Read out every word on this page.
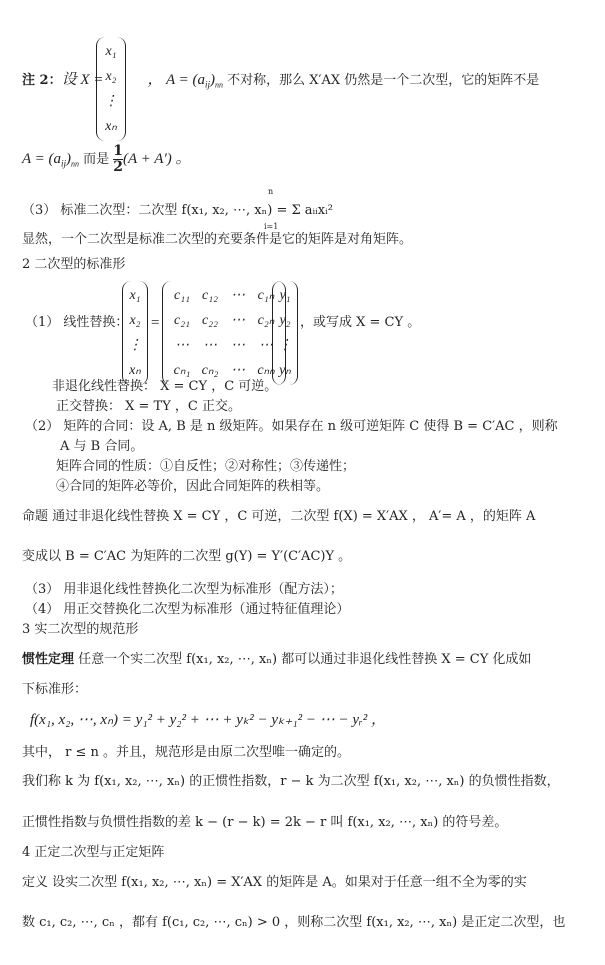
注 2：设 X =	， $A = (a_{ij})_{nn}$ 不对称，那么 X′AX 仍然是一个二次型，它的矩阵不是
x₁
x₂
⋮
xₙ
$A = (a_{ij})_{nn}$ 而是 $\frac{1}{2} (A + A')$ 。
（3） 标准二次型：二次型 f(x₁, x₂, ⋯, xₙ) = Σ aᵢᵢxᵢ²
n
i=1
显然，一个二次型是标准二次型的充要条件是它的矩阵是对角矩阵。
2 二次型的标准形
（1） 线性替换：
x₁
x₂
⋮
xₙ
=
c₁₁ c₁₂ ⋯ c₁ₙ
c₂₁ c₂₂ ⋯ c₂ₙ
⋯	⋯	⋯	⋯
cₙ₁ cₙ₂ ⋯ cₙₙ
y₁
y₂
⋮
yₙ
，或写成 X = CY 。
非退化线性替换： X = CY ，C 可逆。
正交替换： X = TY ，C 正交。
（2） 矩阵的合同：设 A, B 是 n 级矩阵。如果存在 n 级可逆矩阵 C 使得 B = C′AC ，则称
A 与 B 合同。
矩阵合同的性质：①自反性；②对称性；③传递性；
④合同的矩阵必等价，因此合同矩阵的秩相等。
命题 通过非退化线性替换 X = CY ，C 可逆，二次型 f(X) = X′AX ， A′= A ，的矩阵 A
变成以 B = C′AC 为矩阵的二次型 g(Y) = Y′(C′AC)Y 。
（3） 用非退化线性替换化二次型为标准形（配方法）；
（4） 用正交替换化二次型为标准形（通过特征值理论）
3 实二次型的规范形
惯性定理 任意一个实二次型 f(x₁, x₂, ⋯, xₙ) 都可以通过非退化线性替换 X = CY 化成如
下标准形：
f(x₁, x₂, ⋯, xₙ) = y₁² + y₂² + ⋯ + yₖ² − yₖ₊₁² − ⋯ − yᵣ² ，
其中， r ≤ n 。并且，规范形是由原二次型唯一确定的。
我们称 k 为 f(x₁, x₂, ⋯, xₙ) 的正惯性指数，r − k 为二次型 f(x₁, x₂, ⋯, xₙ) 的负惯性指数，
正惯性指数与负惯性指数的差 k − (r − k) = 2k − r 叫 f(x₁, x₂, ⋯, xₙ) 的符号差。
4 正定二次型与正定矩阵
定义 设实二次型 f(x₁, x₂, ⋯, xₙ) = X′AX 的矩阵是 A。如果对于任意一组不全为零的实
数 c₁, c₂, ⋯, cₙ ，都有 f(c₁, c₂, ⋯, cₙ) > 0 ，则称二次型 f(x₁, x₂, ⋯, xₙ) 是正定二次型，也
